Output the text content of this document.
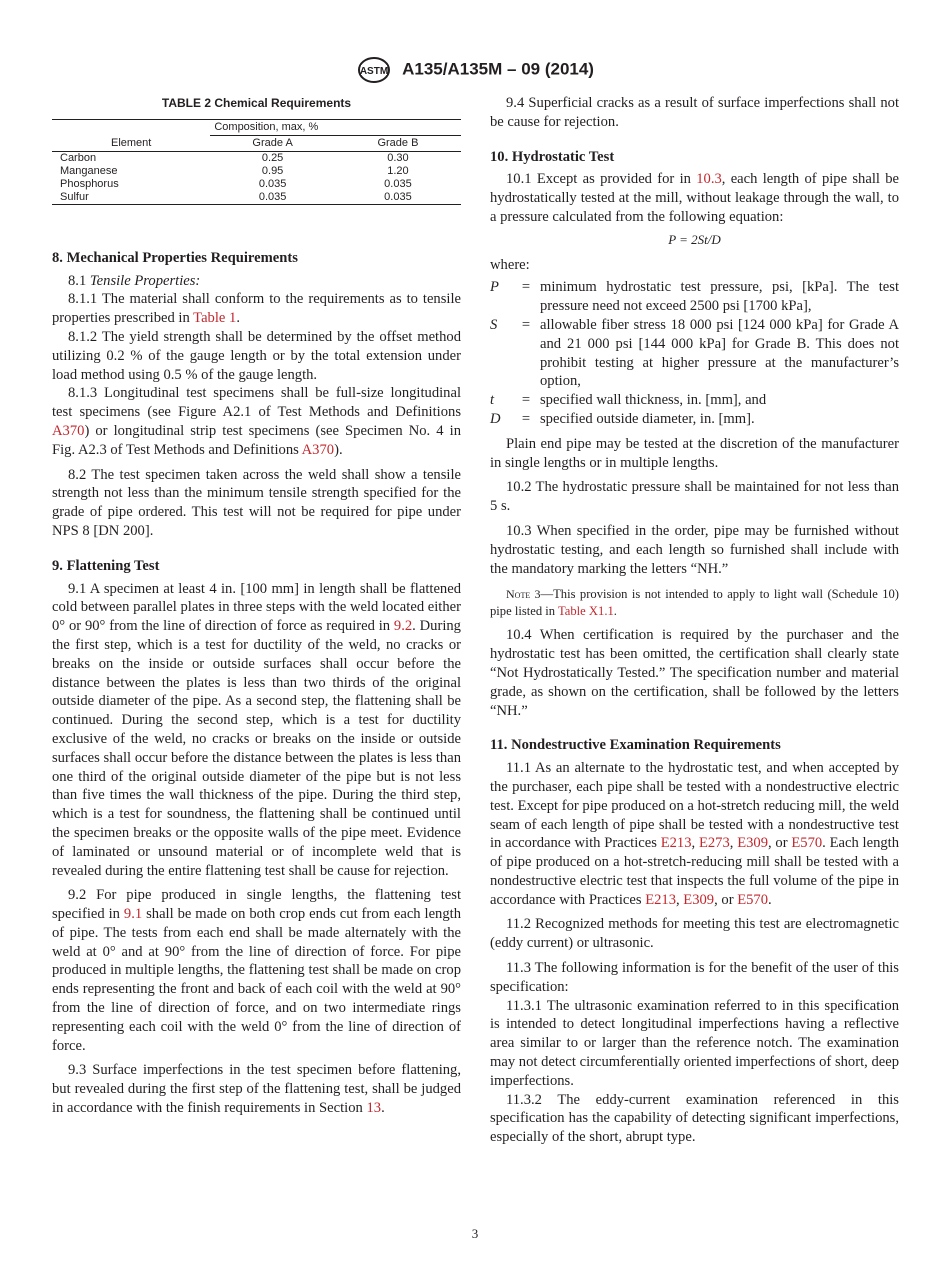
ASTM A135/A135M – 09 (2014)
TABLE 2 Chemical Requirements
	Composition, max, %	
Element	Grade A	Grade B
Carbon	0.25	0.30
Manganese	0.95	1.20
Phosphorus	0.035	0.035
Sulfur	0.035	0.035

8. Mechanical Properties Requirements

8.1 Tensile Properties:

8.1.1 The material shall conform to the requirements as to tensile properties prescribed in Table 1.

8.1.2 The yield strength shall be determined by the offset method utilizing 0.2 % of the gauge length or by the total extension under load method using 0.5 % of the gauge length.

8.1.3 Longitudinal test specimens shall be full-size longitudinal test specimens (see Figure A2.1 of Test Methods and Definitions A370) or longitudinal strip test specimens (see Specimen No. 4 in Fig. A2.3 of Test Methods and Definitions A370).

8.2 The test specimen taken across the weld shall show a tensile strength not less than the minimum tensile strength specified for the grade of pipe ordered. This test will not be required for pipe under NPS 8 [DN 200].

9. Flattening Test

9.1 A specimen at least 4 in. [100 mm] in length shall be flattened cold between parallel plates in three steps with the weld located either 0° or 90° from the line of direction of force as required in 9.2. During the first step, which is a test for ductility of the weld, no cracks or breaks on the inside or outside surfaces shall occur before the distance between the plates is less than two thirds of the original outside diameter of the pipe. As a second step, the flattening shall be continued. During the second step, which is a test for ductility exclusive of the weld, no cracks or breaks on the inside or outside surfaces shall occur before the distance between the plates is less than one third of the original outside diameter of the pipe but is not less than five times the wall thickness of the pipe. During the third step, which is a test for soundness, the flattening shall be continued until the specimen breaks or the opposite walls of the pipe meet. Evidence of laminated or unsound material or of incomplete weld that is revealed during the entire flattening test shall be cause for rejection.

9.2 For pipe produced in single lengths, the flattening test specified in 9.1 shall be made on both crop ends cut from each length of pipe. The tests from each end shall be made alternately with the weld at 0° and at 90° from the line of direction of force. For pipe produced in multiple lengths, the flattening test shall be made on crop ends representing the front and back of each coil with the weld at 90° from the line of direction of force, and on two intermediate rings representing each coil with the weld 0° from the line of direction of force.

9.3 Surface imperfections in the test specimen before flattening, but revealed during the first step of the flattening test, shall be judged in accordance with the finish requirements in Section 13.

9.4 Superficial cracks as a result of surface imperfections shall not be cause for rejection.

10. Hydrostatic Test

10.1 Except as provided for in 10.3, each length of pipe shall be hydrostatically tested at the mill, without leakage through the wall, to a pressure calculated from the following equation:

P = 2St/D

where:

P	= minimum hydrostatic test pressure, psi, [kPa]. The test pressure need not exceed 2500 psi [1700 kPa],
S	= allowable fiber stress 18 000 psi [124 000 kPa] for Grade A and 21 000 psi [144 000 kPa] for Grade B. This does not prohibit testing at higher pressure at the manufacturer’s option,
t	= specified wall thickness, in. [mm], and
D	= specified outside diameter, in. [mm].

Plain end pipe may be tested at the discretion of the manufacturer in single lengths or in multiple lengths.

10.2 The hydrostatic pressure shall be maintained for not less than 5 s.

10.3 When specified in the order, pipe may be furnished without hydrostatic testing, and each length so furnished shall include with the mandatory marking the letters “NH.”

Note 3—This provision is not intended to apply to light wall (Schedule 10) pipe listed in Table X1.1.

10.4 When certification is required by the purchaser and the hydrostatic test has been omitted, the certification shall clearly state “Not Hydrostatically Tested.” The specification number and material grade, as shown on the certification, shall be followed by the letters “NH.”

11. Nondestructive Examination Requirements

11.1 As an alternate to the hydrostatic test, and when accepted by the purchaser, each pipe shall be tested with a nondestructive electric test. Except for pipe produced on a hot-stretch reducing mill, the weld seam of each length of pipe shall be tested with a nondestructive test in accordance with Practices E213, E273, E309, or E570. Each length of pipe produced on a hot-stretch-reducing mill shall be tested with a nondestructive electric test that inspects the full volume of the pipe in accordance with Practices E213, E309, or E570.

11.2 Recognized methods for meeting this test are electromagnetic (eddy current) or ultrasonic.

11.3 The following information is for the benefit of the user of this specification:

11.3.1 The ultrasonic examination referred to in this specification is intended to detect longitudinal imperfections having a reflective area similar to or larger than the reference notch. The examination may not detect circumferentially oriented imperfections of short, deep imperfections.

11.3.2 The eddy-current examination referenced in this specification has the capability of detecting significant imperfections, especially of the short, abrupt type.

3
